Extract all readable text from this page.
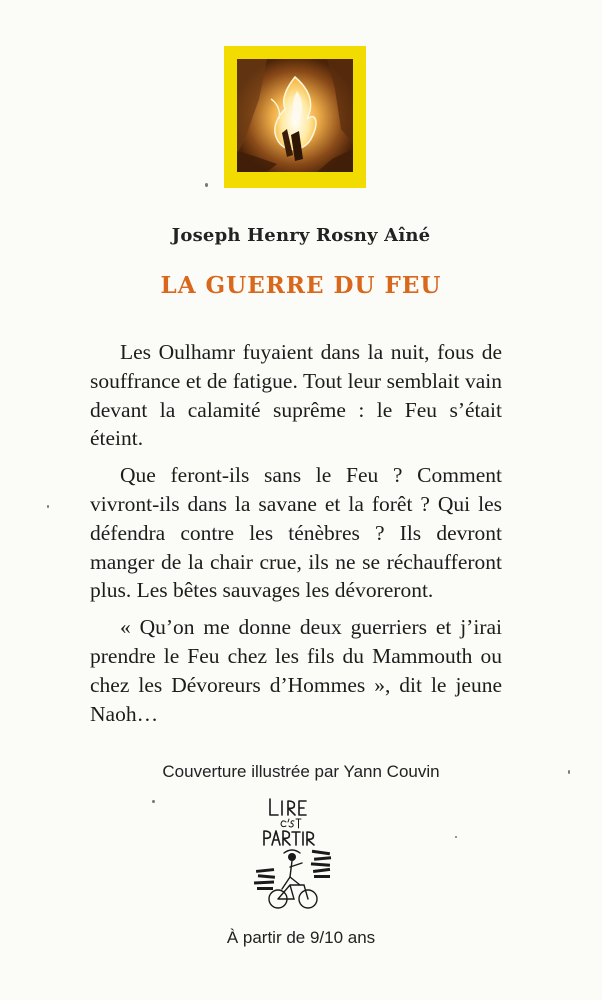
Joseph Henry Rosny Aîné
LA GUERRE DU FEU

Les Oulhamr fuyaient dans la nuit, fous de souffrance et de fatigue. Tout leur semblait vain devant la calamité suprême : le Feu s’était éteint.

Que feront-ils sans le Feu ? Comment vivront-ils dans la savane et la forêt ? Qui les défendra contre les ténèbres ? Ils devront manger de la chair crue, ils ne se réchaufferont plus. Les bêtes sauvages les dévoreront.

« Qu’on me donne deux guerriers et j’irai prendre le Feu chez les fils du Mammouth ou chez les Dévoreurs d’Hommes », dit le jeune Naoh…

Couverture illustrée par Yann Couvin
À partir de 9/10 ans
